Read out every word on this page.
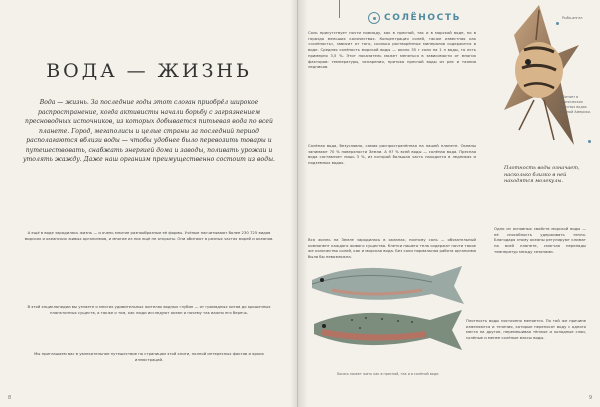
ВОДА — ЖИЗНЬ
Вода — жизнь. За последние годы этот слоган приобрёл широкое распространение, когда активисты начали борьбу с загрязнением пресноводных источников, из которых добывается питьевая вода по всей планете. Город, мегаполисы и целые страны за последний период располагаются вблизи воды — чтобы удобнее было перевозить товары и путешествовать, снабжать энергией дома и заводы, поливать урожаи и утолять жажду. Даже наш организм преимущественно состоит из воды.

А ещё в воде зародилась жизнь — и очень многие разнообразные её формы. Учёные насчитывают более 230 725 видов морских и океанских живых организмов, и многие из них ещё не открыты. Они обитают в разных частях морей и океанов.

В этой энциклопедии вы узнаете о многих удивительных жителях водных глубин — от громадных китов до крошечных планктонных существ, а также о том, как люди исследуют океан и почему так важно его беречь.

Мы приглашаем вас в увлекательное путешествие по страницам этой книги, полной интересных фактов и ярких иллюстраций.

8
СОЛЁНОСТЬ
Соль присутствует почти повсюду, как в пресной, так и в морской воде, но в гораздо меньших количествах. Концентрация солей, также известная как «солёность», зависит от того, сколько растворённых минералов содержится в воде. Средняя солёность морской воды — около 35 г соли на 1 л воды, то есть примерно 3,5 %. Этот показатель может меняться в зависимости от многих факторов: температуры, испарения, притока пресной воды из рек и таяния ледников.
Солёная вода, безусловно, самая распространённая на нашей планете. Океаны занимают 70 % поверхности Земли. А 97 % всей воды — солёная вода. Пресная вода составляет лишь 3 %, из которой большая часть находится в ледниках и подземных водах.
Вся жизнь на Земле зародилась в океанах, поэтому соль — обязательный компонент каждого живого существа. Клетки нашего тела содержат почти такое же количество солей, как и морская вода. Без соли нормальная работа организма была бы невозможна.
Плотность воды означает, насколько близко в ней находятся молекулы.
Одно из основных свойств морской воды — её способность удерживать тепло. Благодаря этому океаны регулируют климат на всей планете, смягчая перепады температур между сезонами.
Плотность воды постоянно меняется. По той же причине изменяются и течения, которые переносят воду с одного места на другое, перемешивая тёплые и холодные слои, солёные и менее солёные массы воды.
Рыба-ангел
Обитает в тропических пресных водах Южной Америки.
Лосось может жить как в пресной, так и в солёной воде.
9
